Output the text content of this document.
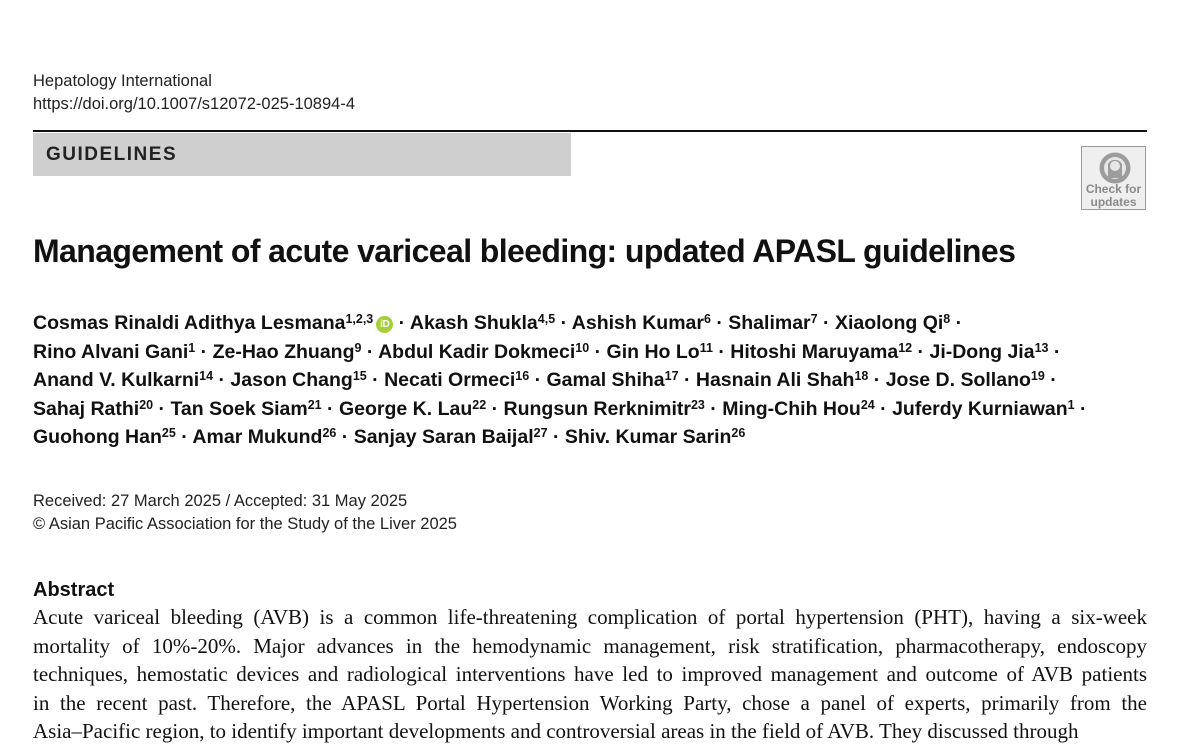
Hepatology International
https://doi.org/10.1007/s12072-025-10894-4
GUIDELINES
Check for
updates
Management of acute variceal bleeding: updated APASL guidelines
Cosmas Rinaldi Adithya Lesmana$^{1,2,3}$ iD · Akash Shukla$^{4,5}$ · Ashish Kumar$^6$ · Shalimar$^7$ · Xiaolong $Qi^8$ ·
Rino Alvani Gani$^1$ · Ze-Hao Zhuang$^9$ · Abdul Kadir Dokmeci$^{10}$ · Gin Ho $Lo^{11}$ · Hitoshi Maruyama$^{12}$ · Ji-Dong Jia$^{13}$ ·
Anand V. Kulkarni$^{14}$ · Jason Chang$^{15}$ · Necati Ormeci$^{16}$ · Gamal Shiha$^{17}$ · Hasnain Ali Shah$^{18}$ · Jose D. Sollano$^{19}$ ·
Sahaj Rathi$^{20}$ · Tan Soek Siam$^{21}$ · George K. Lau$^{22}$ · Rungsun Rerknimitr$^{23}$ · Ming-Chih Hou$^{24}$ · Juferdy Kurniawan$^1$ ·
Guohong Han$^{25}$ · Amar Mukund$^{26}$ · Sanjay Saran Baijal$^{27}$ · Shiv. Kumar Sarin$^{26}$
Received: 27 March 2025 / Accepted: 31 May 2025
© Asian Pacific Association for the Study of the Liver 2025
Abstract
Acute variceal bleeding (AVB) is a common life-threatening complication of portal hypertension (PHT), having a six-week
mortality of 10%-20%. Major advances in the hemodynamic management, risk stratification, pharmacotherapy, endoscopy
techniques, hemostatic devices and radiological interventions have led to improved management and outcome of AVB patients
in the recent past. Therefore, the APASL Portal Hypertension Working Party, chose a panel of experts, primarily from the
Asia–Pacific region, to identify important developments and controversial areas in the field of AVB. They discussed through
